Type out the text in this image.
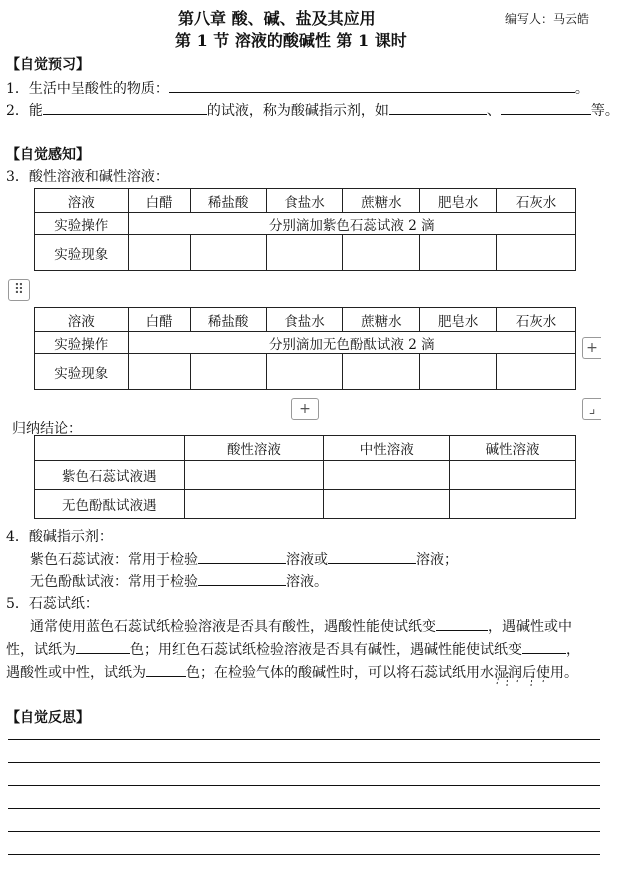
第八章 酸、碱、盐及其应用	编写人：马云皓
第 1 节 溶液的酸碱性 第 1 课时
【自觉预习】
1．生活中呈酸性的物质：	。
2．能	的试液，称为酸碱指示剂，如	、	等。
【自觉感知】
3．酸性溶液和碱性溶液：
溶液	白醋	稀盐酸	食盐水	蔗糖水	肥皂水	石灰水
实验操作	分别滴加紫色石蕊试液 2 滴					
实验现象						
⠿
溶液	白醋	稀盐酸	食盐水	蔗糖水	肥皂水	石灰水
实验操作	分别滴加无色酚酞试液 2 滴					
实验现象						
+
+	⌟
归纳结论：
	酸性溶液	中性溶液	碱性溶液
紫色石蕊试液遇			
无色酚酞试液遇			
4．酸碱指示剂：
紫色石蕊试液：常用于检验	溶液或	溶液；
无色酚酞试液：常用于检验	溶液。
5．石蕊试纸：
通常使用蓝色石蕊试纸检验溶液是否具有酸性，遇酸性能使试纸变	，遇碱性或中
性，试纸为	色；用红色石蕊试纸检验溶液是否具有碱性，遇碱性能使试纸变	，
遇酸性或中性，试纸为	色；在检验气体的酸碱性时，可以将石蕊试纸用水湿润后使用。
【自觉反思】
